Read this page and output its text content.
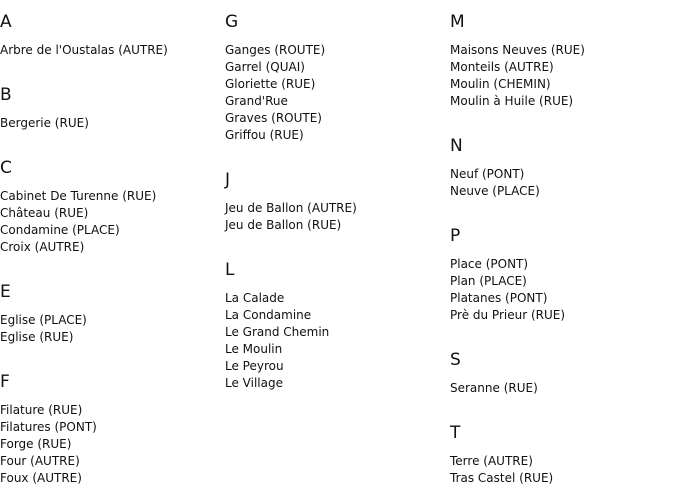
A
Arbre de l'Oustalas (AUTRE)
B
Bergerie (RUE)
C
Cabinet De Turenne (RUE)
Château (RUE)
Condamine (PLACE)
Croix (AUTRE)
E
Eglise (PLACE)
Eglise (RUE)
F
Filature (RUE)
Filatures (PONT)
Forge (RUE)
Four (AUTRE)
Foux (AUTRE)
G
Ganges (ROUTE)
Garrel (QUAI)
Gloriette (RUE)
Grand'Rue
Graves (ROUTE)
Griffou (RUE)
J
Jeu de Ballon (AUTRE)
Jeu de Ballon (RUE)
L
La Calade
La Condamine
Le Grand Chemin
Le Moulin
Le Peyrou
Le Village
M
Maisons Neuves (RUE)
Monteils (AUTRE)
Moulin (CHEMIN)
Moulin à Huile (RUE)
N
Neuf (PONT)
Neuve (PLACE)
P
Place (PONT)
Plan (PLACE)
Platanes (PONT)
Prè du Prieur (RUE)
S
Seranne (RUE)
T
Terre (AUTRE)
Tras Castel (RUE)
